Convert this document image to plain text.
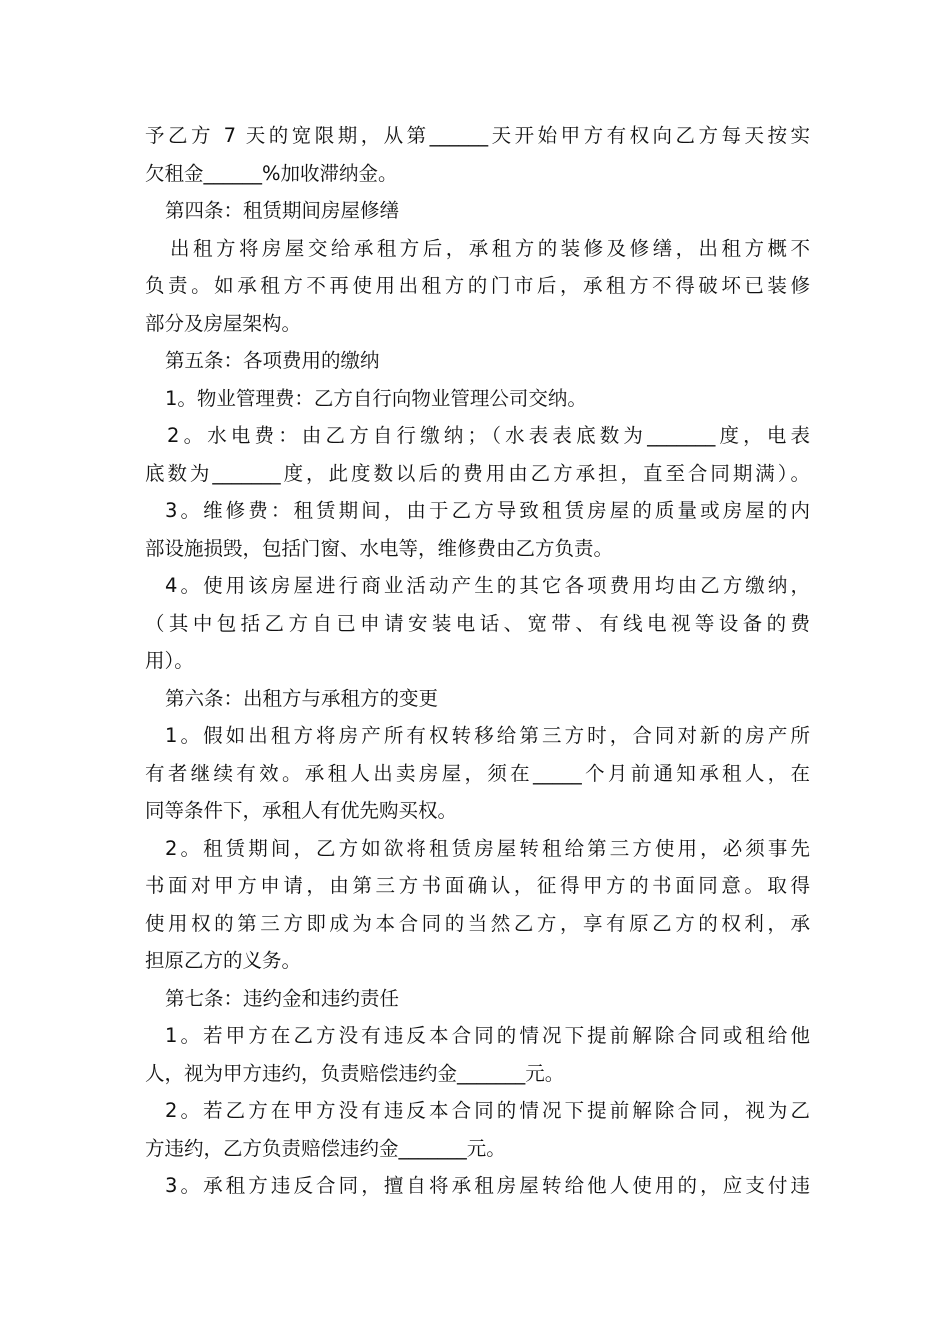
予乙方 7 天的宽限期，从第______天开始甲方有权向乙方每天按实
欠租金______%加收滞纳金。
第四条：租赁期间房屋修缮
出租方将房屋交给承租方后，承租方的装修及修缮，出租方概不
负责。如承租方不再使用出租方的门市后，承租方不得破坏已装修
部分及房屋架构。
第五条：各项费用的缴纳
1。物业管理费：乙方自行向物业管理公司交纳。
2。水电费：由乙方自行缴纳；（水表表底数为_______度，电表
底数为_______度，此度数以后的费用由乙方承担，直至合同期满）。
3。维修费：租赁期间，由于乙方导致租赁房屋的质量或房屋的内
部设施损毁，包括门窗、水电等，维修费由乙方负责。
4。使用该房屋进行商业活动产生的其它各项费用均由乙方缴纳，
（其中包括乙方自已申请安装电话、宽带、有线电视等设备的费
用）。
第六条：出租方与承租方的变更
1。假如出租方将房产所有权转移给第三方时，合同对新的房产所
有者继续有效。承租人出卖房屋，须在_____个月前通知承租人，在
同等条件下，承租人有优先购买权。
2。租赁期间，乙方如欲将租赁房屋转租给第三方使用，必须事先
书面对甲方申请，由第三方书面确认，征得甲方的书面同意。取得
使用权的第三方即成为本合同的当然乙方，享有原乙方的权利，承
担原乙方的义务。
第七条：违约金和违约责任
1。若甲方在乙方没有违反本合同的情况下提前解除合同或租给他
人，视为甲方违约，负责赔偿违约金_______元。
2。若乙方在甲方没有违反本合同的情况下提前解除合同，视为乙
方违约，乙方负责赔偿违约金_______元。
3。承租方违反合同，擅自将承租房屋转给他人使用的，应支付违
